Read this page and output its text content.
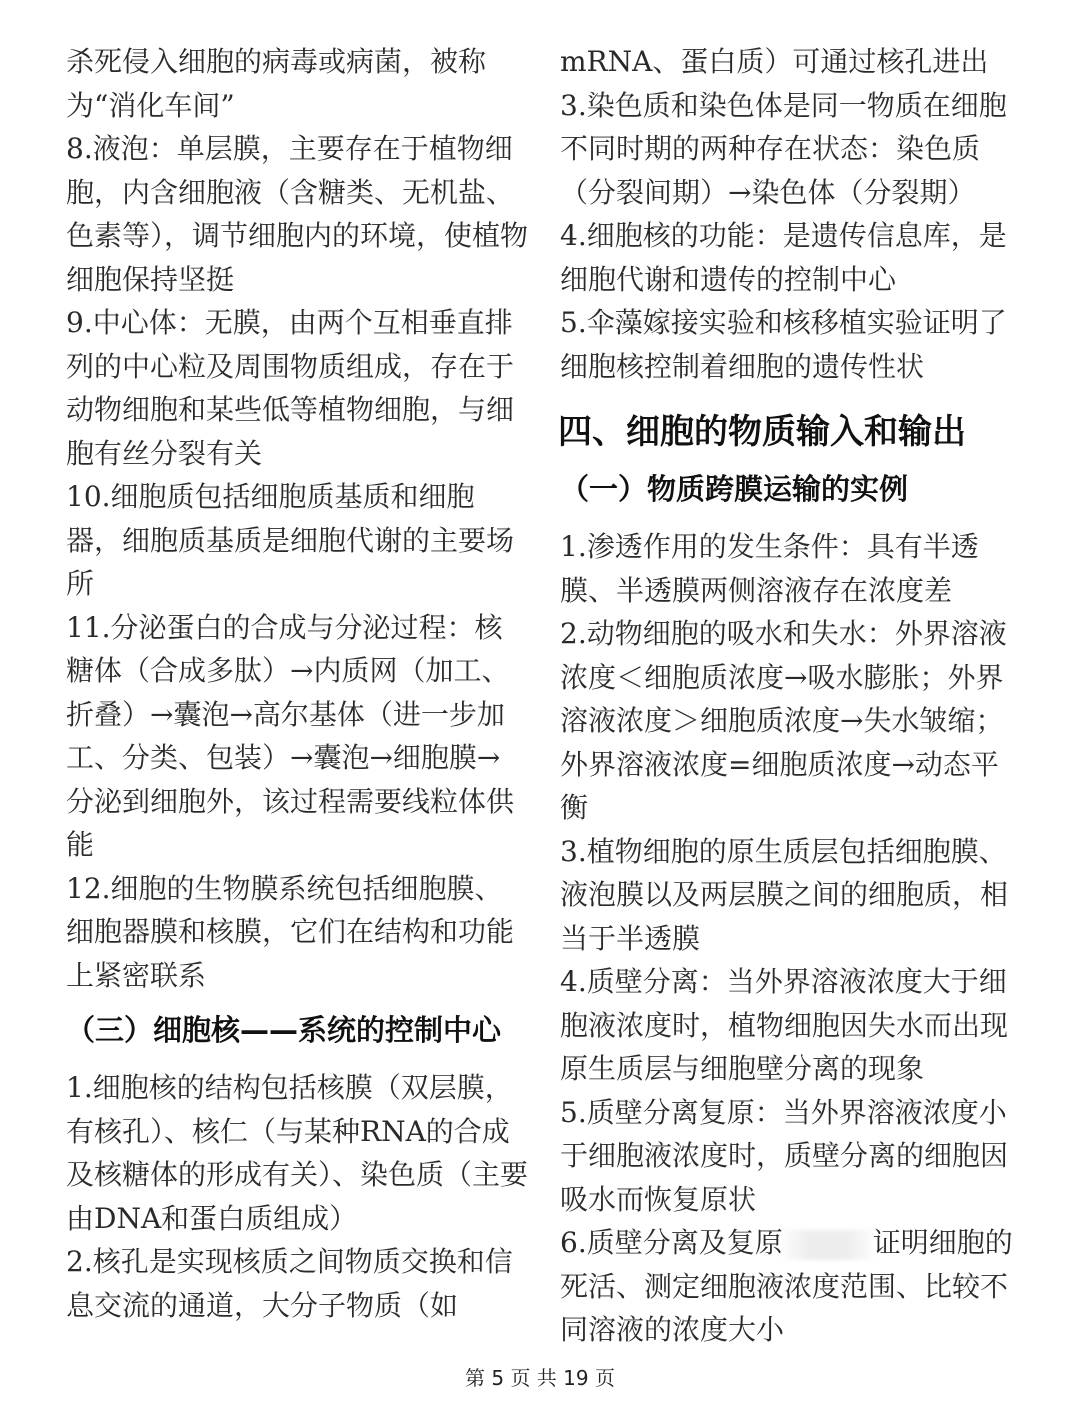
杀死侵入细胞的病毒或病菌，被称为“消化车间”

8.液泡：单层膜，主要存在于植物细胞，内含细胞液（含糖类、无机盐、色素等），调节细胞内的环境，使植物细胞保持坚挺

9.中心体：无膜，由两个互相垂直排列的中心粒及周围物质组成，存在于动物细胞和某些低等植物细胞，与细胞有丝分裂有关

10.细胞质包括细胞质基质和细胞器，细胞质基质是细胞代谢的主要场所

11.分泌蛋白的合成与分泌过程：核糖体（合成多肽）→内质网（加工、折叠）→囊泡→高尔基体（进一步加工、分类、包装）→囊泡→细胞膜→分泌到细胞外，该过程需要线粒体供能

12.细胞的生物膜系统包括细胞膜、细胞器膜和核膜，它们在结构和功能上紧密联系

（三）细胞核——系统的控制中心

1.细胞核的结构包括核膜（双层膜，有核孔）、核仁（与某种RNA的合成及核糖体的形成有关）、染色质（主要由DNA和蛋白质组成）

2.核孔是实现核质之间物质交换和信息交流的通道，大分子物质（如

mRNA、蛋白质）可通过核孔进出

3.染色质和染色体是同一物质在细胞不同时期的两种存在状态：染色质（分裂间期）→染色体（分裂期）

4.细胞核的功能：是遗传信息库，是细胞代谢和遗传的控制中心

5.伞藻嫁接实验和核移植实验证明了细胞核控制着细胞的遗传性状

四、细胞的物质输入和输出
（一）物质跨膜运输的实例

1.渗透作用的发生条件：具有半透膜、半透膜两侧溶液存在浓度差

2.动物细胞的吸水和失水：外界溶液浓度＜细胞质浓度→吸水膨胀；外界溶液浓度＞细胞质浓度→失水皱缩；外界溶液浓度=细胞质浓度→动态平衡

3.植物细胞的原生质层包括细胞膜、液泡膜以及两层膜之间的细胞质，相当于半透膜

4.质壁分离：当外界溶液浓度大于细胞液浓度时，植物细胞因失水而出现原生质层与细胞壁分离的现象

5.质壁分离复原：当外界溶液浓度小于细胞液浓度时，质壁分离的细胞因吸水而恢复原状

6.质壁分离及复原	证明细胞的死活、测定细胞液浓度范围、比较不同溶液的浓度大小

第 5 页 共 19 页
